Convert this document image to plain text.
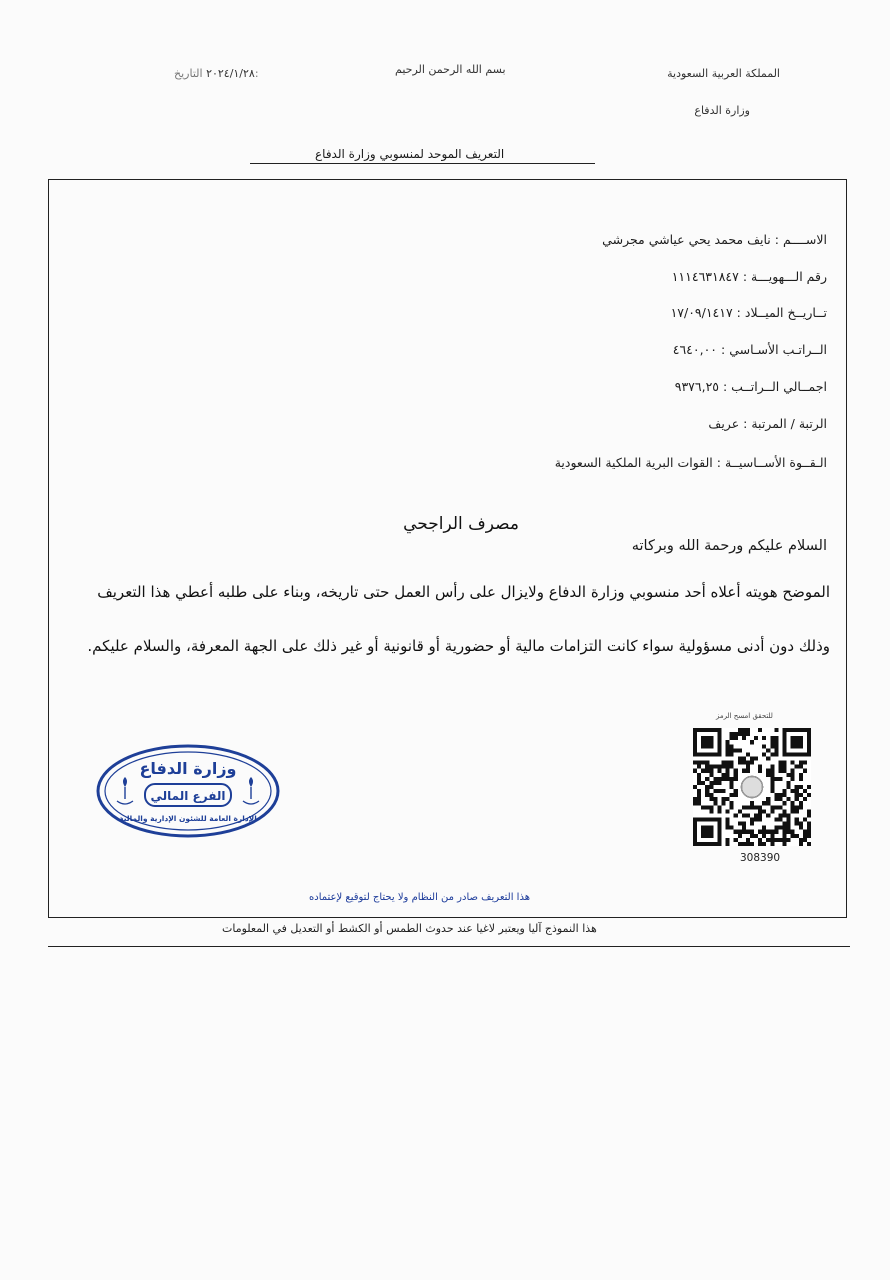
المملكة العربية السعودية
وزارة الدفاع
بسم الله الرحمن الرحيم
٢٠٢٤/١/٢٨ التاريخ:
التعريف الموحد لمنسوبي وزارة الدفاع
الاســــم : نايف محمد يحي عياشي مجرشي
رقم الـــهويـــة : ١١١٤٦٣١٨٤٧
تــاريــخ الميــلاد : ١٧/٠٩/١٤١٧
الــراتـب الأسـاسي : ٤٦٤٠,٠٠
اجمــالي الــراتــب : ٩٣٧٦,٢٥
الرتبة / المرتبة : عريف
الـقــوة الأســاسيــة : القوات البرية الملكية السعودية
مصرف الراجحي
السلام عليكم ورحمة الله وبركاته
الموضح هويته أعلاه أحد منسوبي وزارة الدفاع ولايزال على رأس العمل حتى تاريخه، وبناء على طلبه أعطي هذا التعريف
وذلك دون أدنى مسؤولية سواء كانت التزامات مالية أو حضورية أو قانونية أو غير ذلك على الجهة المعرفة، والسلام عليكم.
للتحقق امسح الرمز
308390
وزارة الدفاع
الفرع المالي
الإدارة العامة للشئون الإدارية والمالية
هذا التعريف صادر من النظام ولا يحتاج لتوقيع لإعتماده
هذا النموذج آليا ويعتبر لاغيا عند حدوث الطمس أو الكشط أو التعديل في المعلومات
